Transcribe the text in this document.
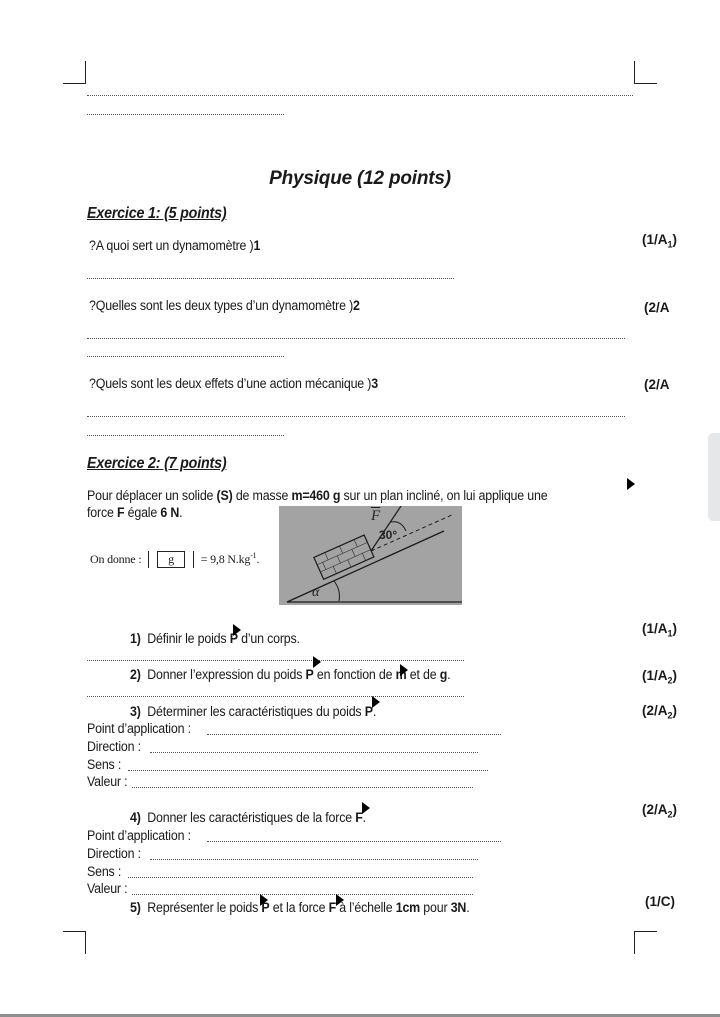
Physique (12 points)
Exercice 1: (5 points)
?A quoi sert un dynamomètre )1	$(1/A_1)$
?Quelles sont les deux types d’un dynamomètre )2	(2/A
?Quels sont les deux effets d’une action mécanique )3	(2/A
Exercice 2: (7 points)
Pour déplacer un solide (S) de masse m=460 g sur un plan incliné, on lui applique une
force F égale 6 N.
On donne : g = 9,8 $N.kg^{-1}$.
$\overline{F}$
30°
α
1) Définir le poids P d’un corps.
$(1/A_1)$
2) Donner l’expression du poids P en fonction de m et de g.	$(1/A_2)$
3) Déterminer les caractéristiques du poids P.	$(2/A_2)$
Point d’application :
Direction :
Sens :
Valeur :
4) Donner les caractéristiques de la force F.
$(2/A_2)$
Point d’application :
Direction :
Sens :
Valeur :
5) Représenter le poids P et la force F à l’échelle 1cm pour 3N.	(1/C)
